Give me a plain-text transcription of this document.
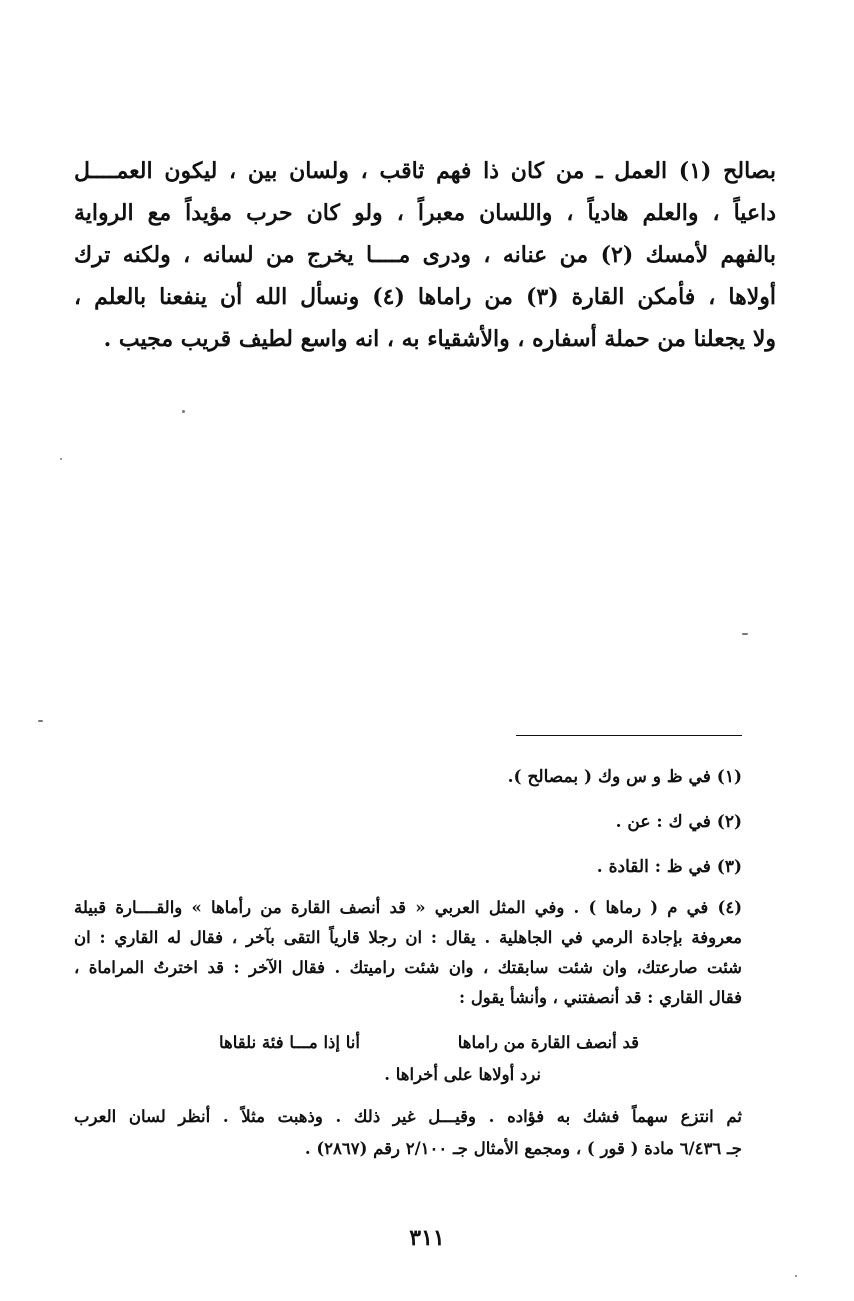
بصالح (١) العمل ـ من كان ذا فهم ثاقب ، ولسان بين ، ليكون العمــــل
داعياً ، والعلم هادياً ، واللسان معبراً ، ولو كان حرب مؤيداً مع الرواية
بالفهم لأمسك (٢) من عنانه ، ودرى مــــا يخرج من لسانه ، ولكنه ترك
أولاها ، فأمكن القارة (٣) من راماها (٤) ونسأل الله أن ينفعنا بالعلم ،
ولا يجعلنا من حملة أسفاره ، والأشقياء به ، انه واسع لطيف قريب مجيب .
(١) في ظ و س وك ( بمصالح ).
(٢) في ك : عن .
(٣) في ظ : القادة .
(٤) في م ( رماها ) . وفي المثل العربي « قد أنصف القارة من رأماها » والقــــارة قبيلة
معروفة بإجادة الرمي في الجاهلية . يقال : ان رجلا قارياً التقى بآخر ، فقال له القاري : ان
شئت صارعتك، وان شئت سابقتك ، وان شئت راميتك . فقال الآخر : قد اخترتُ المراماة ،
فقال القاري : قد أنصفتني ، وأنشأ يقول :
قد أنصف القارة من راماها
أنا إذا مـــا فئة نلقاها
نرد أولاها على أخراها .
ثم انتزع سهماً فشك به فؤاده . وقيـــل غير ذلك . وذهبت مثلاً . أنظر لسان العرب
جـ ٦/٤٣٦ مادة ( قور ) ، ومجمع الأمثال جـ ٢/١٠٠ رقم (٢٨٦٧) .
٣١١
